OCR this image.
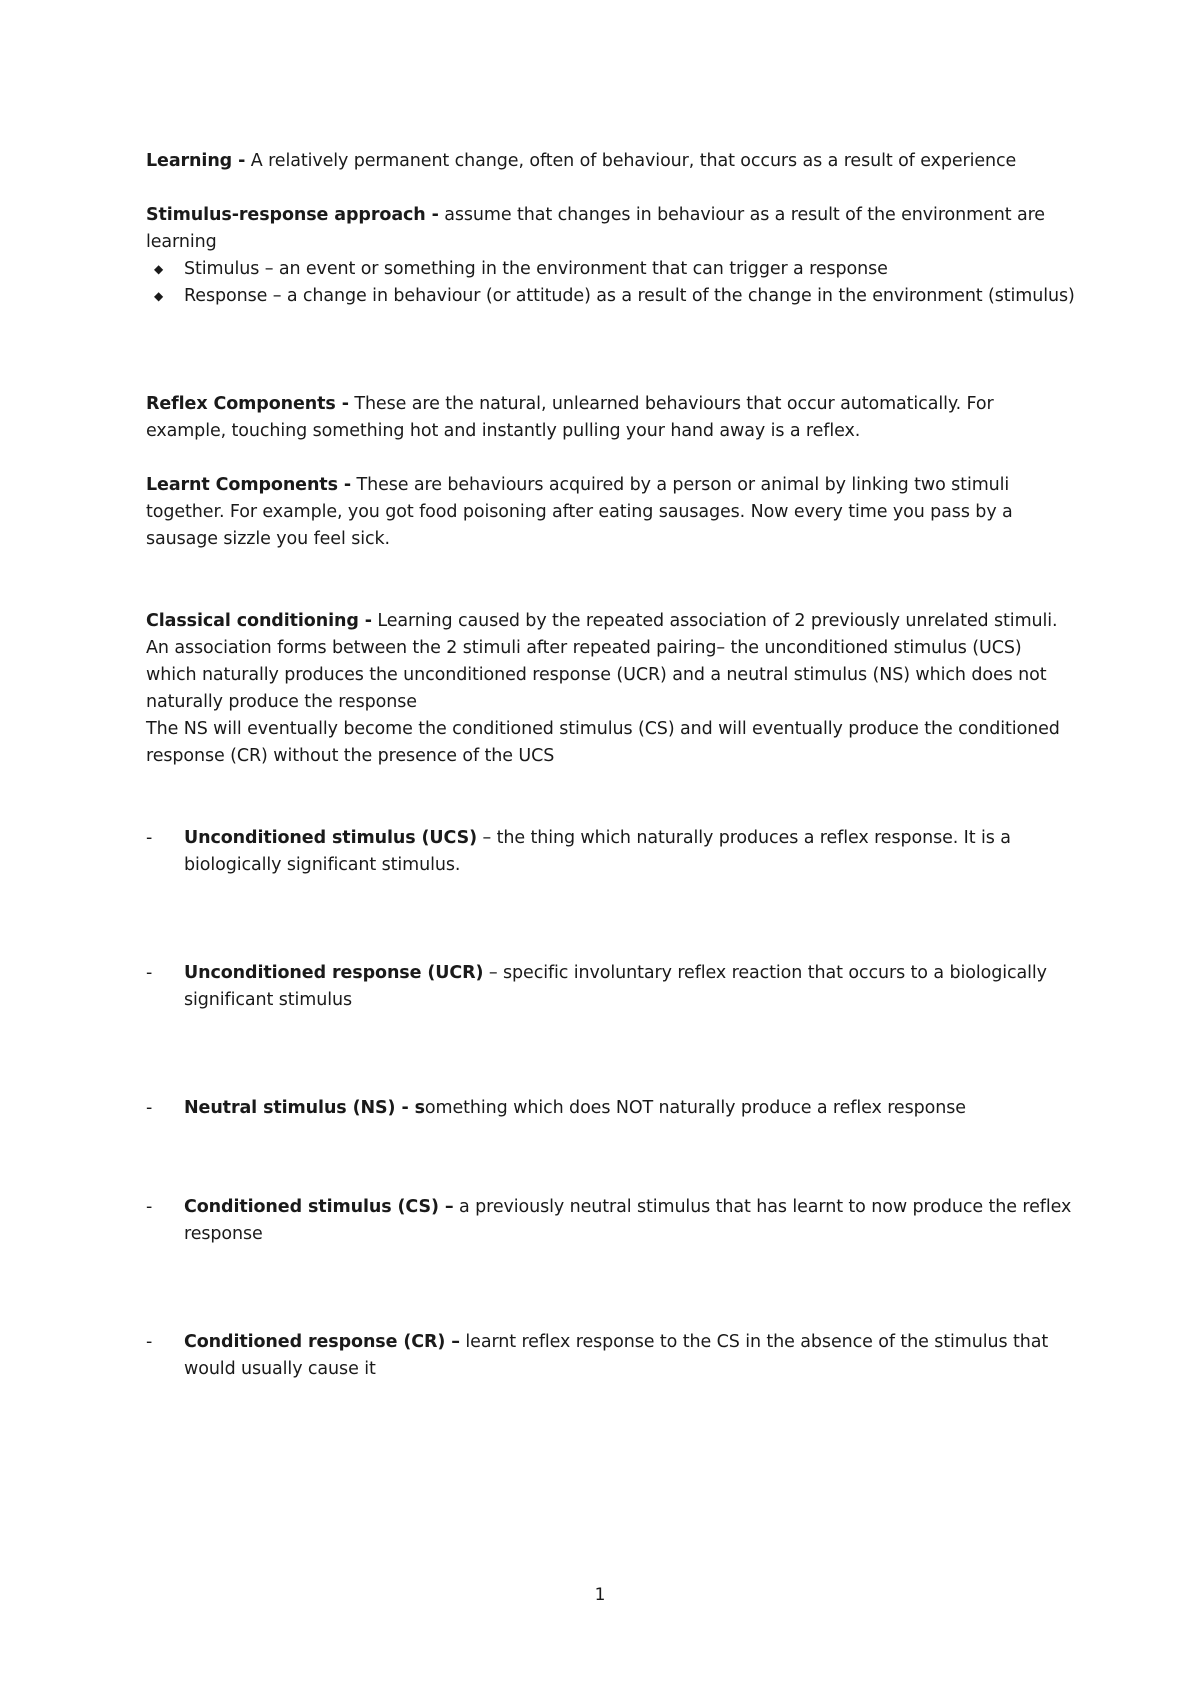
Learning - A relatively permanent change, often of behaviour, that occurs as a result of experience
Stimulus-response approach - assume that changes in behaviour as a result of the environment are learning
◆ Stimulus – an event or something in the environment that can trigger a response
◆ Response – a change in behaviour (or attitude) as a result of the change in the environment (stimulus)
Reflex Components - These are the natural, unlearned behaviours that occur automatically. For example, touching something hot and instantly pulling your hand away is a reflex.
Learnt Components - These are behaviours acquired by a person or animal by linking two stimuli together. For example, you got food poisoning after eating sausages. Now every time you pass by a sausage sizzle you feel sick.
Classical conditioning - Learning caused by the repeated association of 2 previously unrelated stimuli.
An association forms between the 2 stimuli after repeated pairing– the unconditioned stimulus (UCS) which naturally produces the unconditioned response (UCR) and a neutral stimulus (NS) which does not naturally produce the response
The NS will eventually become the conditioned stimulus (CS) and will eventually produce the conditioned response (CR) without the presence of the UCS
- Unconditioned stimulus (UCS) – the thing which naturally produces a reflex response. It is a biologically significant stimulus.
- Unconditioned response (UCR) – specific involuntary reflex reaction that occurs to a biologically significant stimulus
- Neutral stimulus (NS) - something which does NOT naturally produce a reflex response
- Conditioned stimulus (CS) – a previously neutral stimulus that has learnt to now produce the reflex response
- Conditioned response (CR) – learnt reflex response to the CS in the absence of the stimulus that would usually cause it
1
